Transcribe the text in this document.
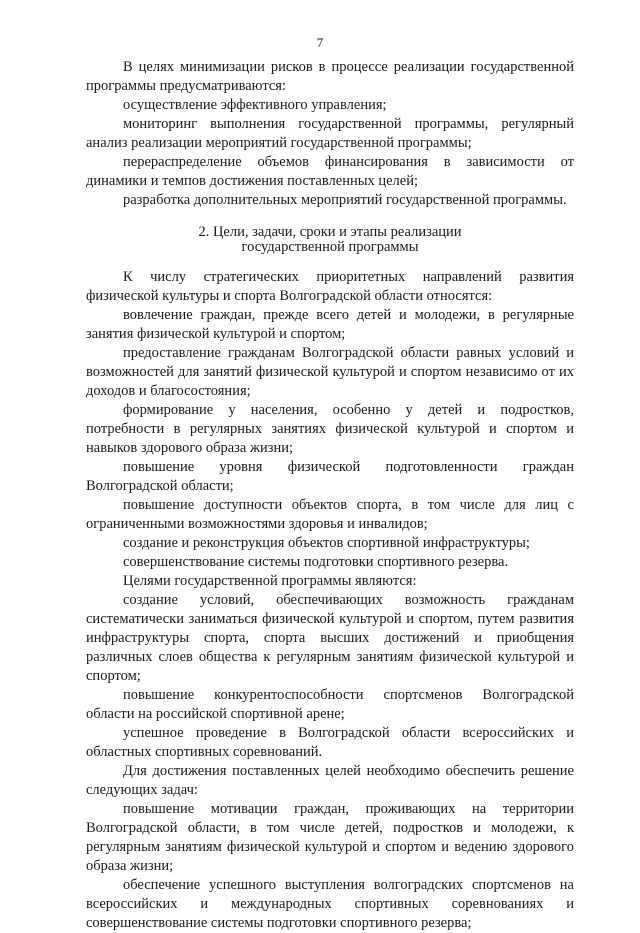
7

В целях минимизации рисков в процессе реализации государственной программы предусматриваются:

осуществление эффективного управления;

мониторинг выполнения государственной программы, регулярный анализ реализации мероприятий государственной программы;

перераспределение объемов финансирования в зависимости от динамики и темпов достижения поставленных целей;

разработка дополнительных мероприятий государственной программы.

2. Цели, задачи, сроки и этапы реализации
государственной программы

К числу стратегических приоритетных направлений развития физической культуры и спорта Волгоградской области относятся:

вовлечение граждан, прежде всего детей и молодежи, в регулярные занятия физической культурой и спортом;

предоставление гражданам Волгоградской области равных условий и возможностей для занятий физической культурой и спортом независимо от их доходов и благосостояния;

формирование у населения, особенно у детей и подростков, потребности в регулярных занятиях физической культурой и спортом и навыков здорового образа жизни;

повышение уровня физической подготовленности граждан Волгоградской области;

повышение доступности объектов спорта, в том числе для лиц с ограниченными возможностями здоровья и инвалидов;

создание и реконструкция объектов спортивной инфраструктуры;

совершенствование системы подготовки спортивного резерва.

Целями государственной программы являются:

создание условий, обеспечивающих возможность гражданам систематически заниматься физической культурой и спортом, путем развития инфраструктуры спорта, спорта высших достижений и приобщения различных слоев общества к регулярным занятиям физической культурой и спортом;

повышение конкурентоспособности спортсменов Волгоградской области на российской спортивной арене;

успешное проведение в Волгоградской области всероссийских и областных спортивных соревнований.

Для достижения поставленных целей необходимо обеспечить решение следующих задач:

повышение мотивации граждан, проживающих на территории Волгоградской области, в том числе детей, подростков и молодежи, к регулярным занятиям физической культурой и спортом и ведению здорового образа жизни;

обеспечение успешного выступления волгоградских спортсменов на всероссийских и международных спортивных соревнованиях и совершенствование системы подготовки спортивного резерва;
